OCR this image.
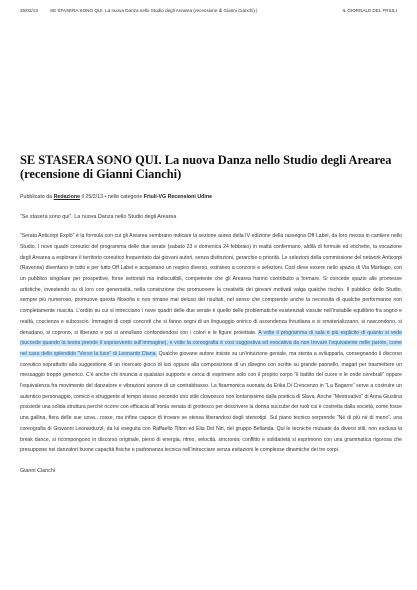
28/02/13	SE STASERA SONO QUI. La nuova Danza nello Studio degli Arearea (recensione di Gianni Cianchi) |	IL GIORNALE DEL FRIULI
SE STASERA SONO QUI. La nuova Danza nello Studio degli Arearea (recensione di Gianni Cianchi)
Pubblicato da Redazione il 25/2/13 • nelle categorie Friuli-VG Recensioni Udine
“Se stasera sono qui”. La nuova Danza nello Studio degli Arearea
“Serata Anticorpi Explò” è la formula con cui gli Arearea sembrano indicare la sezione aurea della IV edizione della rassegna Off Label, da loro messa in cantiere nello Studio. I nove quadri coreutici del programma delle due serate (sabato 23 e domenica 24 febbraio) in realtà confermano, aldilà di formule ed etichette, la vocazione degli Arearea a esplorare il territorio coreutico frequentato dai giovani autori, senza distinzioni, gerarchie o priorità. Le selezioni della commissione del network Anticorpi (Ravenna) diventano in tutto e per tutto Off Label e acquistano un respiro diverso, estraneo a concorsi e selezioni. Così deve essere nello spazio di Via Martiago, con un pubblico singolare per prospettive, forse settoriali ma indiscutibili, competente che gli Arearea hanno contribuito a formare. Si concede spazio alle promesse artistiche, investendo su di loro con generosità, nella convinzione che promuovere la creatività dei giovani motivati valga qualche rischio. Il pubblico dello Studio, sempre più numeroso, promuove questa filosofia e non rimane mai deluso dei risultati, nel senso che comprende anche la necessità di qualche performance non completamente riuscita. L’ordito su cui si intrecciano i nove quadri delle due serate è quello delle problematiche esistenziali vissute nell’instabile equilibrio fra sogno e realtà, coscienza e subcoscio. Immagini di corpi concreti che si fanno segni di un linguaggio onirico di ascendenza freudiana e si smaterializzano, si nascondono, si denudano, si coprono, si liberano e poi si annullano confondendosi con i colori e le figure proiettate. A volte il programma di sala è più esplicito di quanto si vede (succede quando la teoria prende il sopravvento sull’immagine), e volte la coreografia è così suggestiva ed evocativa da non trovare l’equivalente nelle parole, come nel caso dello splendido “Verso la luce” di Leonardo Diana. Qualche giovane autore insiste su un’intuizione geniale, ma stenta a svilupparla, consegnando il discorso coreutico soprattutto alla suggestione di un ricercato gioco di luci oppure alla composizione di un disegno con scritte su grande pannello, magari per trasmettere un messaggio troppo generico. C’è anche chi rinuncia a qualsiasi supporto e cerca di esprimere solo con il proprio corpo “il battito del cuore e le onde cerebrali” oppure l’equivalenza fra movimento del danzatore e vibrazioni sonore di un contrabbasso. La fisarmonica suonata da Erika Di Crescenzo in “La Bagarre” serve a costruire un autentico personaggio, comico e struggente al tempo stesso secondo uno stile clownesco non lontanissimo dalla poetica di Slava. Anche “Mestruativo” di Anna Giustina possiede una solida struttura perché ricorre con efficacia all’ironia venata di grottesco per descrivere la donna succube dei ruoli cui è costretta dalla società, come fosse una gallina, fiera delle sue uova…rosse, ma infine capace di trovare se stessa liberandosi degli stereotipi. Sul piano tecnico sorprende “Né di più né di meno”, una coreografia di Giovanni Leonarduzzi, da lui eseguita con Raffaello Tilton ed Elia Del Nin, del gruppo Bellanda. Qui le tecniche mutuate da diversi stili, non esclusa la break dance, si ricompongono in discorso originale, pieno di energia, ritmo, velocità, sincronia; conflitto e solidarietà si esprimono con una grammatica rigorosa che presuppone nei danzatori buone capacità fisiche e padronanza tecnica nell’intrecciare senza esitazioni le complesse dinamiche dei tre corpi.
Gianni Cianchi
